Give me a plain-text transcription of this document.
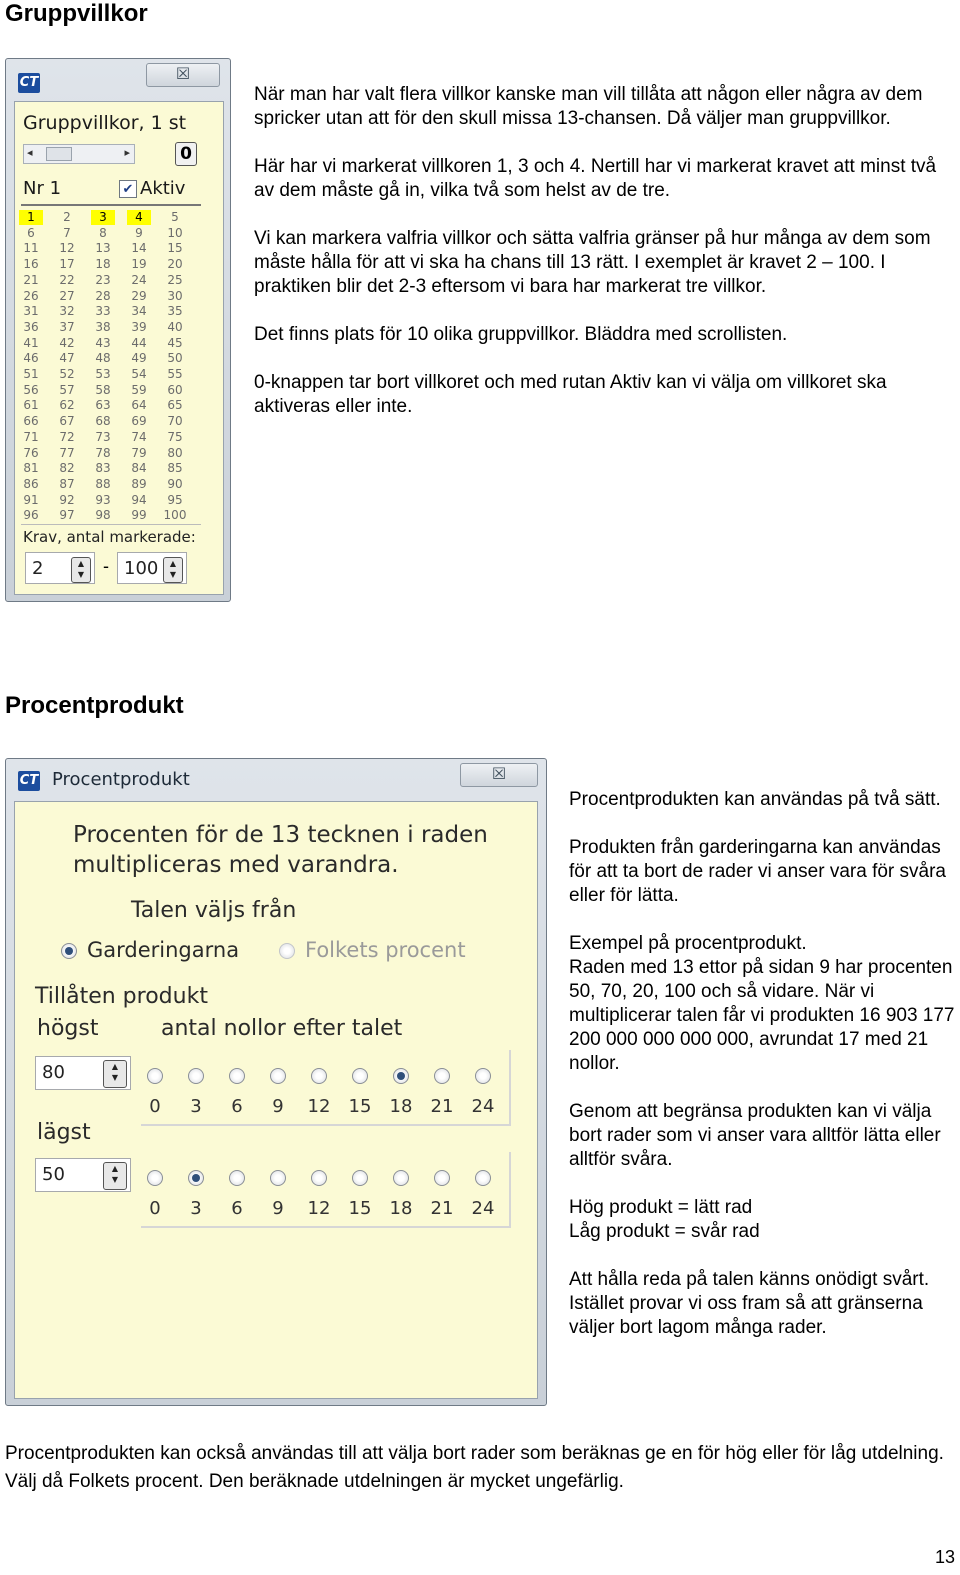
Gruppvillkor
CT	☒
Gruppvillkor, 1 st
◂	▸	0
Nr 1	✔ Aktiv
1	2	3	4	5
6	7	8	9	10
11	12	13	14	15
16	17	18	19	20
21	22	23	24	25
26	27	28	29	30
31	32	33	34	35
36	37	38	39	40
41	42	43	44	45
46	47	48	49	50
51	52	53	54	55
56	57	58	59	60
61	62	63	64	65
66	67	68	69	70
71	72	73	74	75
76	77	78	79	80
81	82	83	84	85
86	87	88	89	90
91	92	93	94	95
96	97	98	99	100
Krav, antal markerade:
2	▲
▼	- 100	▲
▼

När man har valt flera villkor kanske man vill tillåta att någon eller några av dem spricker utan att för den skull missa 13-chansen. Då väljer man gruppvillkor.

Här har vi markerat villkoren 1, 3 och 4. Nertill har vi markerat kravet att minst två av dem måste gå in, vilka två som helst av de tre.

Vi kan markera valfria villkor och sätta valfria gränser på hur många av dem som måste hålla för att vi ska ha chans till 13 rätt. I exemplet är kravet 2 – 100. I praktiken blir det 2-3 eftersom vi bara har markerat tre villkor.

Det finns plats för 10 olika gruppvillkor. Bläddra med scrollisten.

0-knappen tar bort villkoret och med rutan Aktiv kan vi välja om villkoret ska aktiveras eller inte.

Procentprodukt
CT Procentprodukt	☒
Procenten för de 13 tecknen i raden
multipliceras med varandra.
Talen väljs från
Garderingarna	Folkets procent
Tillåten produkt
högst	antal nollor efter talet
80	▲
▼
0	3	6	9	12 15 18 21 24
lägst
50	▲
▼
0	3	6	9	12 15 18 21 24

Procentprodukten kan användas på två sätt.

Produkten från garderingarna kan användas för att ta bort de rader vi anser vara för svåra eller för lätta.

Exempel på procentprodukt.
Raden med 13 ettor på sidan 9 har procenten 50, 70, 20, 100 och så vidare. När vi multiplicerar talen får vi produkten 16 903 177 200 000 000 000 000, avrundat 17 med 21 nollor.

Genom att begränsa produkten kan vi välja bort rader som vi anser vara alltför lätta eller alltför svåra.

Hög produkt = lätt rad
Låg produkt = svår rad

Att hålla reda på talen känns onödigt svårt. Istället provar vi oss fram så att gränserna väljer bort lagom många rader.

Procentprodukten kan också användas till att välja bort rader som beräknas ge en för hög eller för låg utdelning. Välj då Folkets procent. Den beräknade utdelningen är mycket ungefärlig.

13
